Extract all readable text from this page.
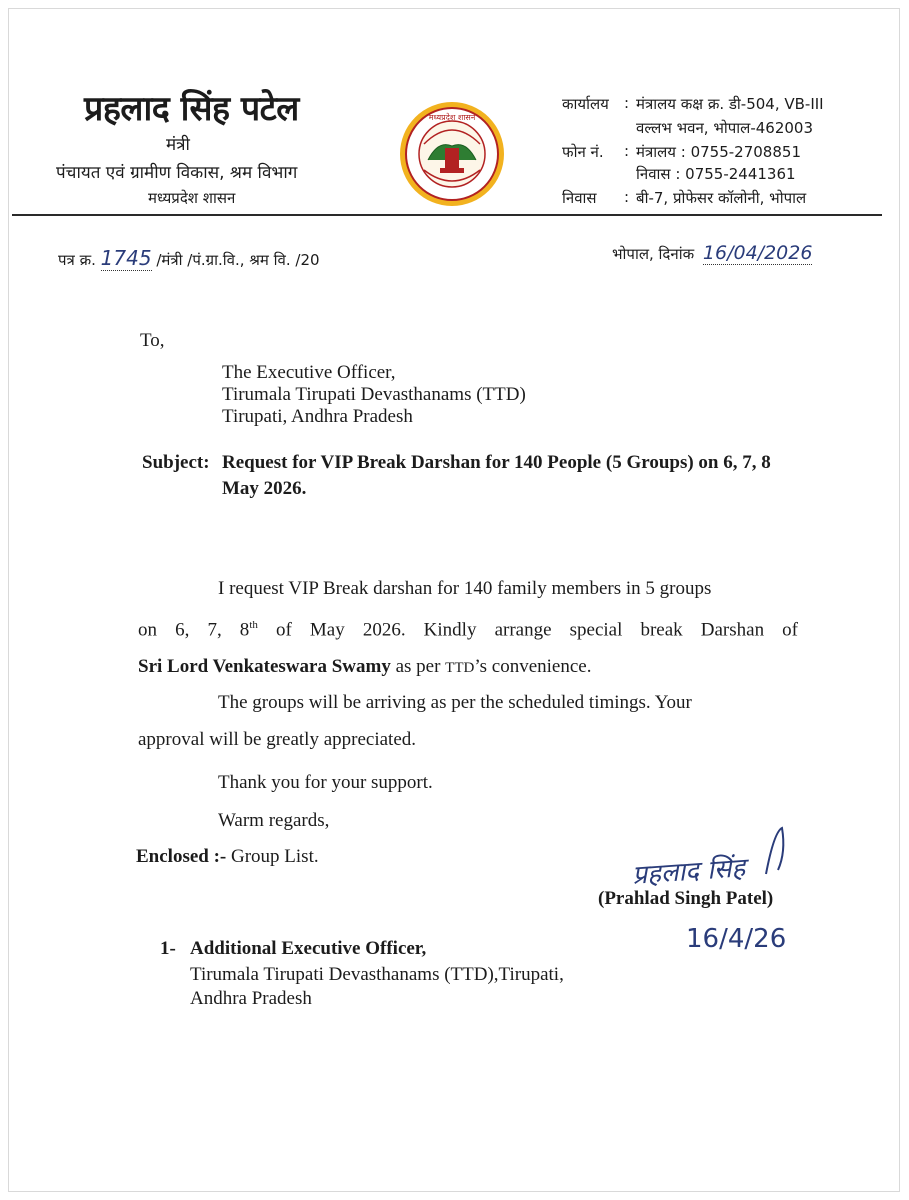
प्रहलाद सिंह पटेल
मंत्री
पंचायत एवं ग्रामीण विकास, श्रम विभाग
मध्यप्रदेश शासन
मध्यप्रदेश शासन
कार्यालय : मंत्रालय कक्ष क्र. डी-504, VB-III
वल्लभ भवन, भोपाल-462003
फोन नं. : मंत्रालय : 0755-2708851
निवास : 0755-2441361
निवास : बी-7, प्रोफेसर कॉलोनी, भोपाल
पत्र क्र. 1745 /मंत्री /पं.ग्रा.वि., श्रम वि. /20	भोपाल, दिनांक 16/04/2026
To,
The Executive Officer,
Tirumala Tirupati Devasthanams (TTD)
Tirupati, Andhra Pradesh
Subject: Request for VIP Break Darshan for 140 People (5 Groups) on 6, 7, 8
May 2026.
I request VIP Break darshan for 140 family members in 5 groups
on 6, 7, 8th of May 2026. Kindly arrange special break Darshan of
Sri Lord Venkateswara Swamy as per TTD’s convenience.
The groups will be arriving as per the scheduled timings. Your
approval will be greatly appreciated.
Thank you for your support.
Warm regards,
Enclosed :- Group List.	प्रहलाद सिंह
(Prahlad Singh Patel)
16/4/26
1- Additional Executive Officer,
Tirumala Tirupati Devasthanams (TTD),Tirupati,
Andhra Pradesh
